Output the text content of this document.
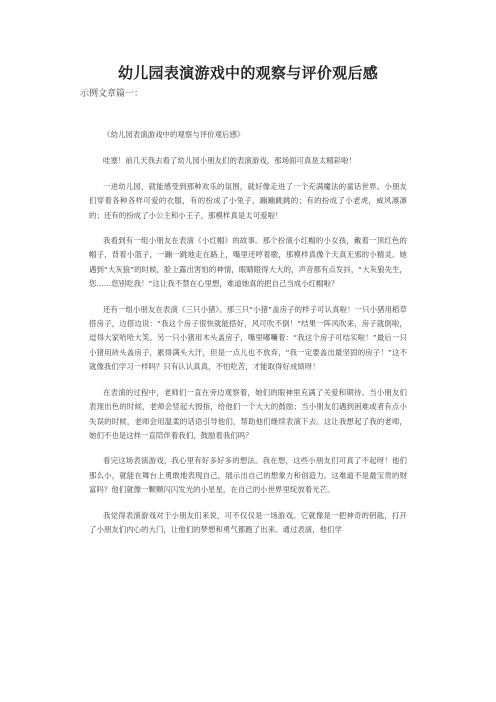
幼儿园表演游戏中的观察与评价观后感
示例文章篇一：

《幼儿园表演游戏中的观察与评价观后感》

哇塞！前几天我去看了幼儿园小朋友们的表演游戏，那场面可真是太精彩啦！

一进幼儿园，就能感受到那种欢乐的氛围，就好像走进了一个充满魔法的童话世界。小朋友们穿着各种各样可爱的衣服，有的扮成了小兔子，蹦蹦跳跳的；有的扮成了小老虎，威风凛凛的；还有的扮成了小公主和小王子，那模样真是太可爱啦！

我看到有一组小朋友在表演《小红帽》的故事。那个扮演小红帽的小女孩，戴着一顶红色的帽子，背着小篮子，一蹦一跳地走在路上，嘴里还哼着歌，那模样真像个天真无邪的小精灵。她遇到“大灰狼”的时候，脸上露出害怕的神情，眼睛瞪得大大的，声音都有点发抖，“大灰狼先生，您……您别吃我！”这让我不禁在心里想，难道她真的把自己当成小红帽啦？

还有一组小朋友在表演《三只小猪》。那三只“小猪”盖房子的样子可认真啦！一只小猪用稻草搭房子，边搭边说：“我这个房子很快就能搭好，风可吹不倒！”结果一阵风吹来，房子就倒啦，逗得大家哈哈大笑。另一只小猪用木头盖房子，嘴里嘟囔着：“我这个房子可结实啦！”最后一只小猪用砖头盖房子，累得满头大汗，但是一点儿也不放弃，“我一定要盖出最坚固的房子！”这不就像我们学习一样吗？只有认认真真，不怕吃苦，才能取得好成绩呀！

在表演的过程中，老师们一直在旁边观察着，她们的眼神里充满了关爱和期待。当小朋友们表现出色的时候，老师会竖起大拇指，给他们一个大大的鼓励；当小朋友们遇到困难或者有点小失误的时候，老师会用温柔的话语引导他们，帮助他们继续表演下去。这让我想起了我的老师，她们不也是这样一直陪伴着我们，鼓励着我们吗？

看完这场表演游戏，我心里有好多好多的想法。我在想，这些小朋友们可真了不起呀！他们那么小，就能在舞台上勇敢地表现自己，展示出自己的想象力和创造力。这难道不是最宝贵的财富吗？他们就像一颗颗闪闪发光的小星星，在自己的小世界里绽放着光芒。

我觉得表演游戏对于小朋友们来说，可不仅仅是一场游戏。它就像是一把神奇的钥匙，打开了小朋友们内心的大门，让他们的梦想和勇气都跑了出来。通过表演，他们学
